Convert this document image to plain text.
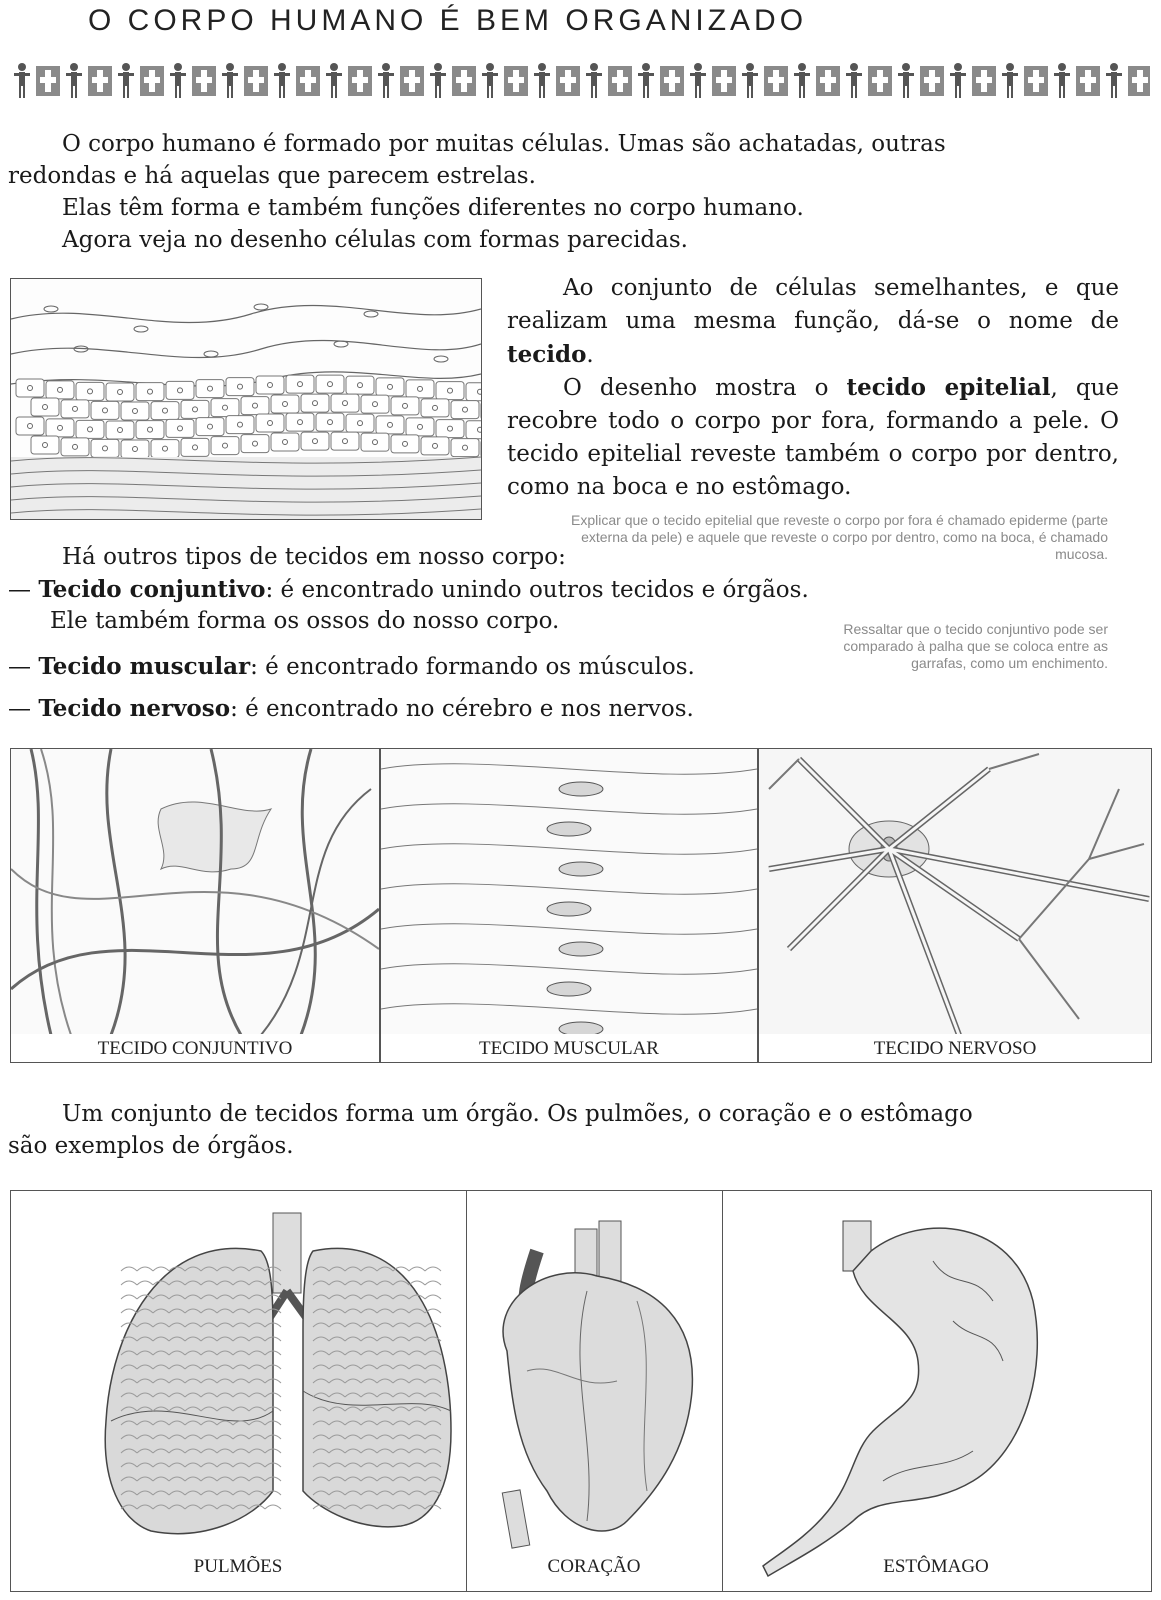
O CORPO HUMANO É BEM ORGANIZADO

O corpo humano é formado por muitas células. Umas são achatadas, outras

redondas e há aquelas que parecem estrelas.

Elas têm forma e também funções diferentes no corpo humano.

Agora veja no desenho células com formas parecidas.

Ao conjunto de células semelhantes, e que realizam uma mesma função, dá-se o nome de tecido.

O desenho mostra o tecido epitelial, que recobre todo o corpo por fora, formando a pele. O tecido epitelial reveste também o corpo por dentro, como na boca e no estômago.

Explicar que o tecido epitelial que reveste o corpo por fora é chamado epiderme (parte externa da pele) e aquele que reveste o corpo por dentro, como na boca, é chamado mucosa.

Há outros tipos de tecidos em nosso corpo:

— Tecido conjuntivo: é encontrado unindo outros tecidos e órgãos.

Ele também forma os ossos do nosso corpo.

— Tecido muscular: é encontrado formando os músculos.

— Tecido nervoso: é encontrado no cérebro e nos nervos.

Ressaltar que o tecido conjuntivo pode ser comparado à palha que se coloca entre as garrafas, como um enchimento.
TECIDO CONJUNTIVO	TECIDO MUSCULAR	TECIDO NERVOSO

Um conjunto de tecidos forma um órgão. Os pulmões, o coração e o estômago

são exemplos de órgãos.

PULMÕES	CORAÇÃO	ESTÔMAGO
